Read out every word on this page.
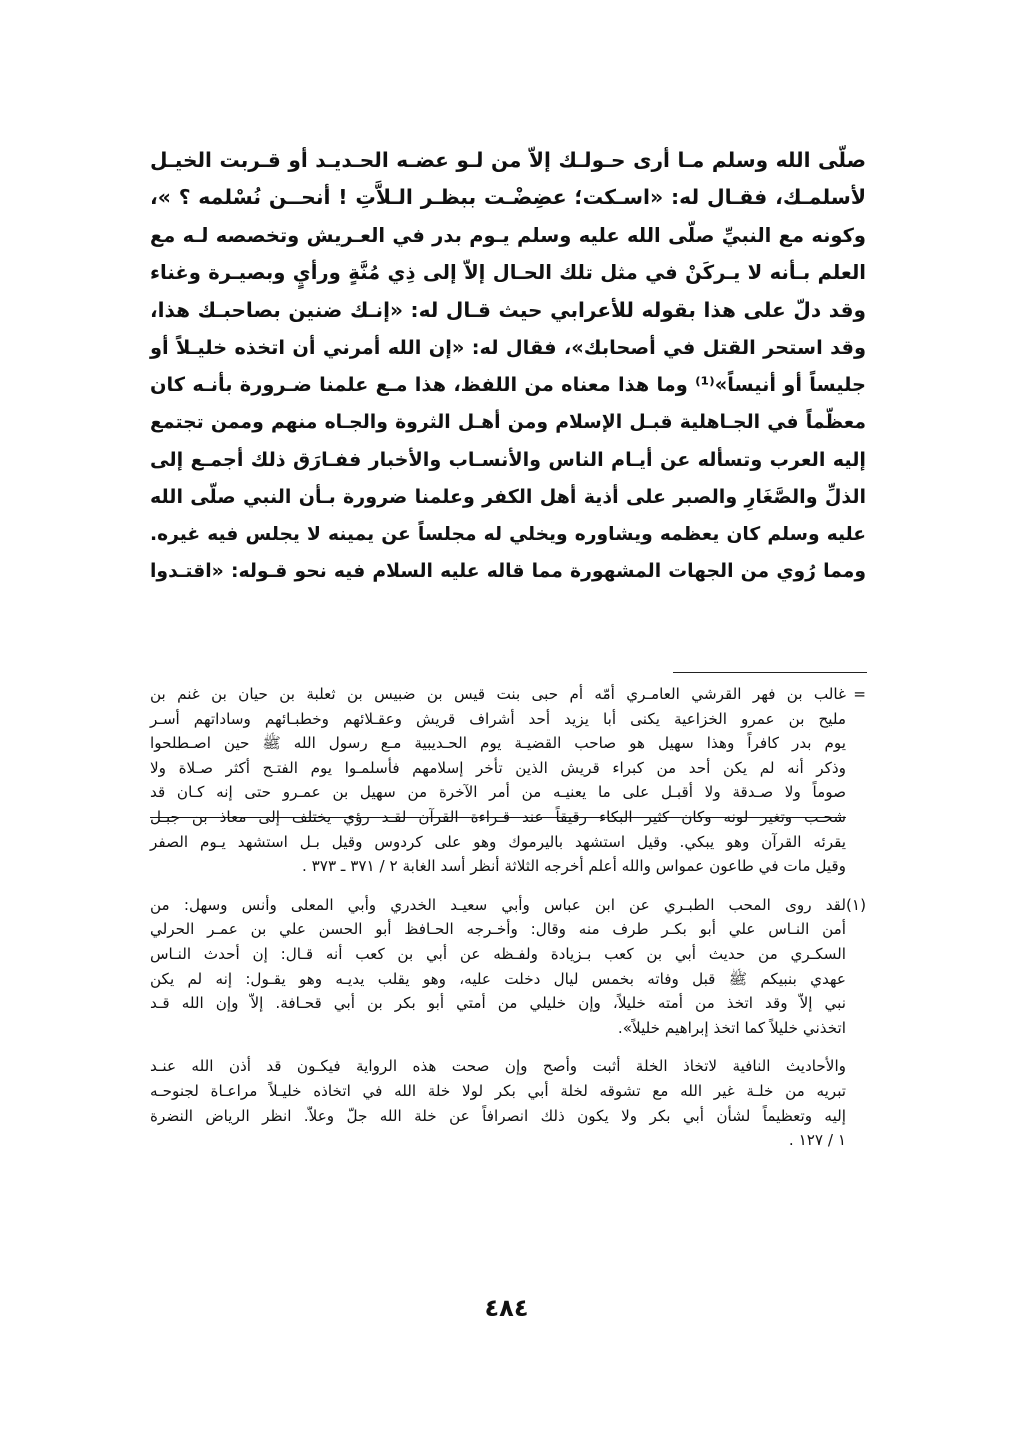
صلّى الله وسلم مـا أرى حـولـك إلاّ من لـو عضـه الحـديـد أو قـربت الخيـل
لأسلمـك، فقـال له: «اسـكت؛ عضِضْـت ببظـر الـلاَّتِ ! أنحــن نُسْلمه ؟ »،
وكونه مع النبيِّ صلّى الله عليه وسلم يـوم بدر في العـريش وتخصصه لـه مع
العلم بـأنه لا يـركَنْ في مثل تلك الحـال إلاّ إلى ذِي مُنَّةٍ ورأيٍ وبصيـرة وغناء
وقد دلّ على هذا بقوله للأعرابي حيث قـال له: «إنـك ضنين بصاحبـك هذا،
وقد استحر القتل في أصحابك»، فقال له: «إن الله أمرني أن اتخذه خليـلاً أو
جليساً أو أنيساً»⁽¹⁾ وما هذا معناه من اللفظ، هذا مـع علمنا ضـرورة بأنـه كان
معظّماً في الجـاهلية قبـل الإسلام ومن أهـل الثروة والجـاه منهم وممن تجتمع
إليه العرب وتسأله عن أيـام الناس والأنسـاب والأخبار ففـارَق ذلك أجمـع إلى
الذلِّ والصَّغَارِ والصبر على أذية أهل الكفر وعلمنا ضرورة بـأن النبي صلّى الله
عليه وسلم كان يعظمه ويشاوره ويخلي له مجلساً عن يمينه لا يجلس فيه غيره.
ومما رُوي من الجهات المشهورة مما قاله عليه السلام فيه نحو قـوله: «اقتـدوا
=
غالب بن فهر القرشي العامـري أمّه أم حبى بنت قيس بن ضبيس بن ثعلبة بن حيان بن غنم بن
مليح بن عمرو الخزاعية يكنى أبا يزيد أحد أشراف قريش وعقـلائهم وخطبـائهم وساداتهم أسـر
يوم بدر كافراً وهذا سهيل هو صاحب القضيـة يوم الحـديبية مـع رسول الله ﷺ حين اصـطلحوا
وذكر أنه لم يكن أحد من كبراء قريش الذين تأخر إسلامهم فأسلمـوا يوم الفتـح أكثر صـلاة ولا
صوماً ولا صـدقة ولا أقبـل على ما يعنيـه من أمر الآخرة من سهيل بن عمـرو حتى إنه كـان قد
شحـب وتغير لونه وكان كثير البكاء رقيقاً عند قـراءة القرآن لقـد رؤي يختلف إلى معاذ بن جبـل
يقرئه القرآن وهو يبكي. وقيل استشهد باليرموك وهو على كردوس وقيل بـل استشهد يـوم الصفر
وقيل مات في طاعون عمواس والله أعلم أخرجه الثلاثة أنظر أسد الغابة ٢ / ٣٧١ ـ ٣٧٣ .
(١)
لقد روى المحب الطبـري عن ابن عباس وأبي سعيـد الخدري وأبي المعلى وأنس وسهل: من
أمن النـاس علي أبو بكـر طرف منه وقال: وأخـرجه الحـافظ أبو الحسن علي بن عمـر الحرلي
السكـري من حديث أبي بن كعب بـزيادة ولفـظه عن أبي بن كعب أنه قـال: إن أحدث النـاس
عهدي بنبيكم ﷺ قبل وفاته بخمس ليال دخلت عليه، وهو يقلب يديـه وهو يقـول: إنه لم يكن
نبي إلاّ وقد اتخذ من أمته خليلاً، وإن خليلي من أمتي أبو بكر بن أبي قحـافة. إلاّ وإن الله قـد
اتخذني خليلاً كما اتخذ إبراهيم خليلاً».
والأحاديث النافية لاتخاذ الخلة أثبت وأصح وإن صحت هذه الرواية فيكـون قد أذن الله عنـد
تبريه من خلـة غير الله مع تشوقه لخلة أبي بكر لولا خلة الله في اتخاذه خليـلاً مراعـاة لجنوحـه
إليه وتعظيماً لشأن أبي بكر ولا يكون ذلك انصرافاً عن خلة الله جلّ وعلاّ. انظر الرياض النضرة
١ / ١٢٧ .
٤٨٤
